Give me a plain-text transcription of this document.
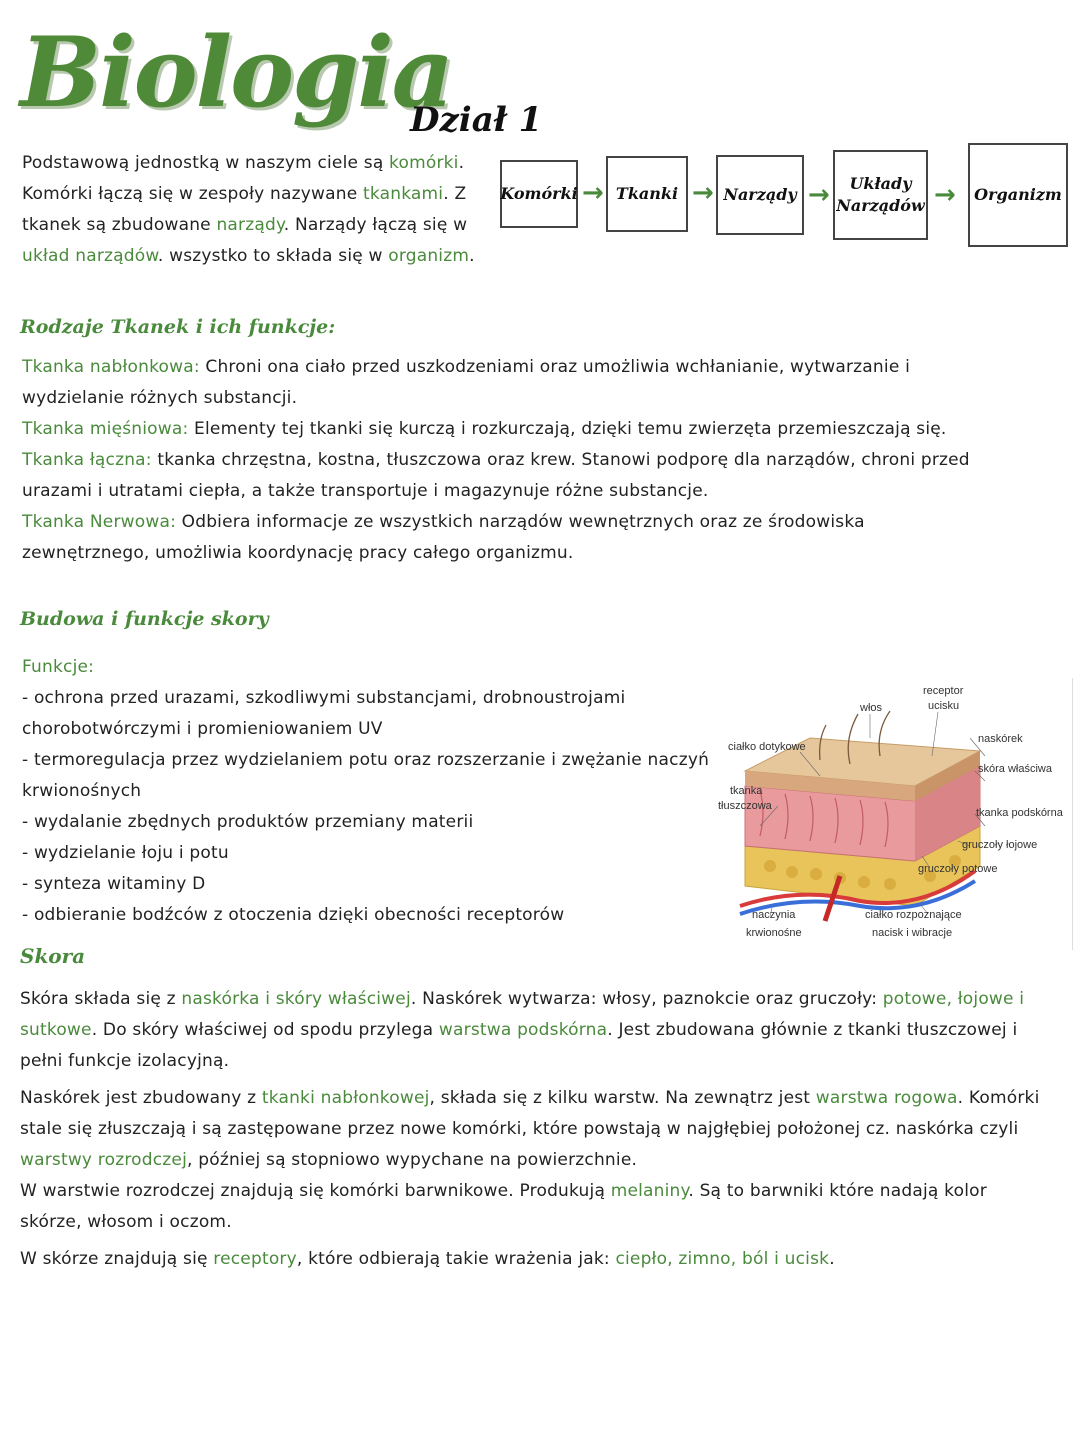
Biologia
Dział 1
Podstawową jednostką w naszym ciele są komórki. Komórki łączą się w zespoły nazywane tkankami. Z tkanek są zbudowane narządy. Narządy łączą się w układ narządów. wszystko to składa się w organizm.
Komórki → Tkanki → Narządy →	Układy Narządów →	Organizm
Rodzaje Tkanek i ich funkcje:
Tkanka nabłonkowa: Chroni ona ciało przed uszkodzeniami oraz umożliwia wchłanianie, wytwarzanie i wydzielanie różnych substancji.
Tkanka mięśniowa: Elementy tej tkanki się kurczą i rozkurczają, dzięki temu zwierzęta przemieszczają się.
Tkanka łączna: tkanka chrzęstna, kostna, tłuszczowa oraz krew. Stanowi podporę dla narządów, chroni przed urazami i utratami ciepła, a także transportuje i magazynuje różne substancje.
Tkanka Nerwowa: Odbiera informacje ze wszystkich narządów wewnętrznych oraz ze środowiska zewnętrznego, umożliwia koordynację pracy całego organizmu.
Budowa i funkcje skory
Funkcje:
- ochrona przed urazami, szkodliwymi substancjami, drobnoustrojami chorobotwórczymi i promieniowaniem UV
- termoregulacja przez wydzielaniem potu oraz rozszerzanie i zwężanie naczyń krwionośnych
- wydalanie zbędnych produktów przemiany materii
- wydzielanie łoju i potu
- synteza witaminy D
- odbieranie bodźców z otoczenia dzięki obecności receptorów
receptor
ucisku
włos
ciałko dotykowe
tkanka
tłuszczowa
naskórek
skóra właściwa
tkanka podskórna
gruczoły łojowe
gruczoły potowe
naczynia
krwionośne
ciałko rozpoznające
nacisk i wibracje
Skora

Skóra składa się z naskórka i skóry właściwej. Naskórek wytwarza: włosy, paznokcie oraz gruczoły: potowe, łojowe i sutkowe. Do skóry właściwej od spodu przylega warstwa podskórna. Jest zbudowana głównie z tkanki tłuszczowej i pełni funkcje izolacyjną.

Naskórek jest zbudowany z tkanki nabłonkowej, składa się z kilku warstw. Na zewnątrz jest warstwa rogowa. Komórki stale się złuszczają i są zastępowane przez nowe komórki, które powstają w najgłębiej położonej cz. naskórka czyli warstwy rozrodczej, później są stopniowo wypychane na powierzchnie.

W warstwie rozrodczej znajdują się komórki barwnikowe. Produkują melaniny. Są to barwniki które nadają kolor skórze, włosom i oczom.

W skórze znajdują się receptory, które odbierają takie wrażenia jak: ciepło, zimno, ból i ucisk.
